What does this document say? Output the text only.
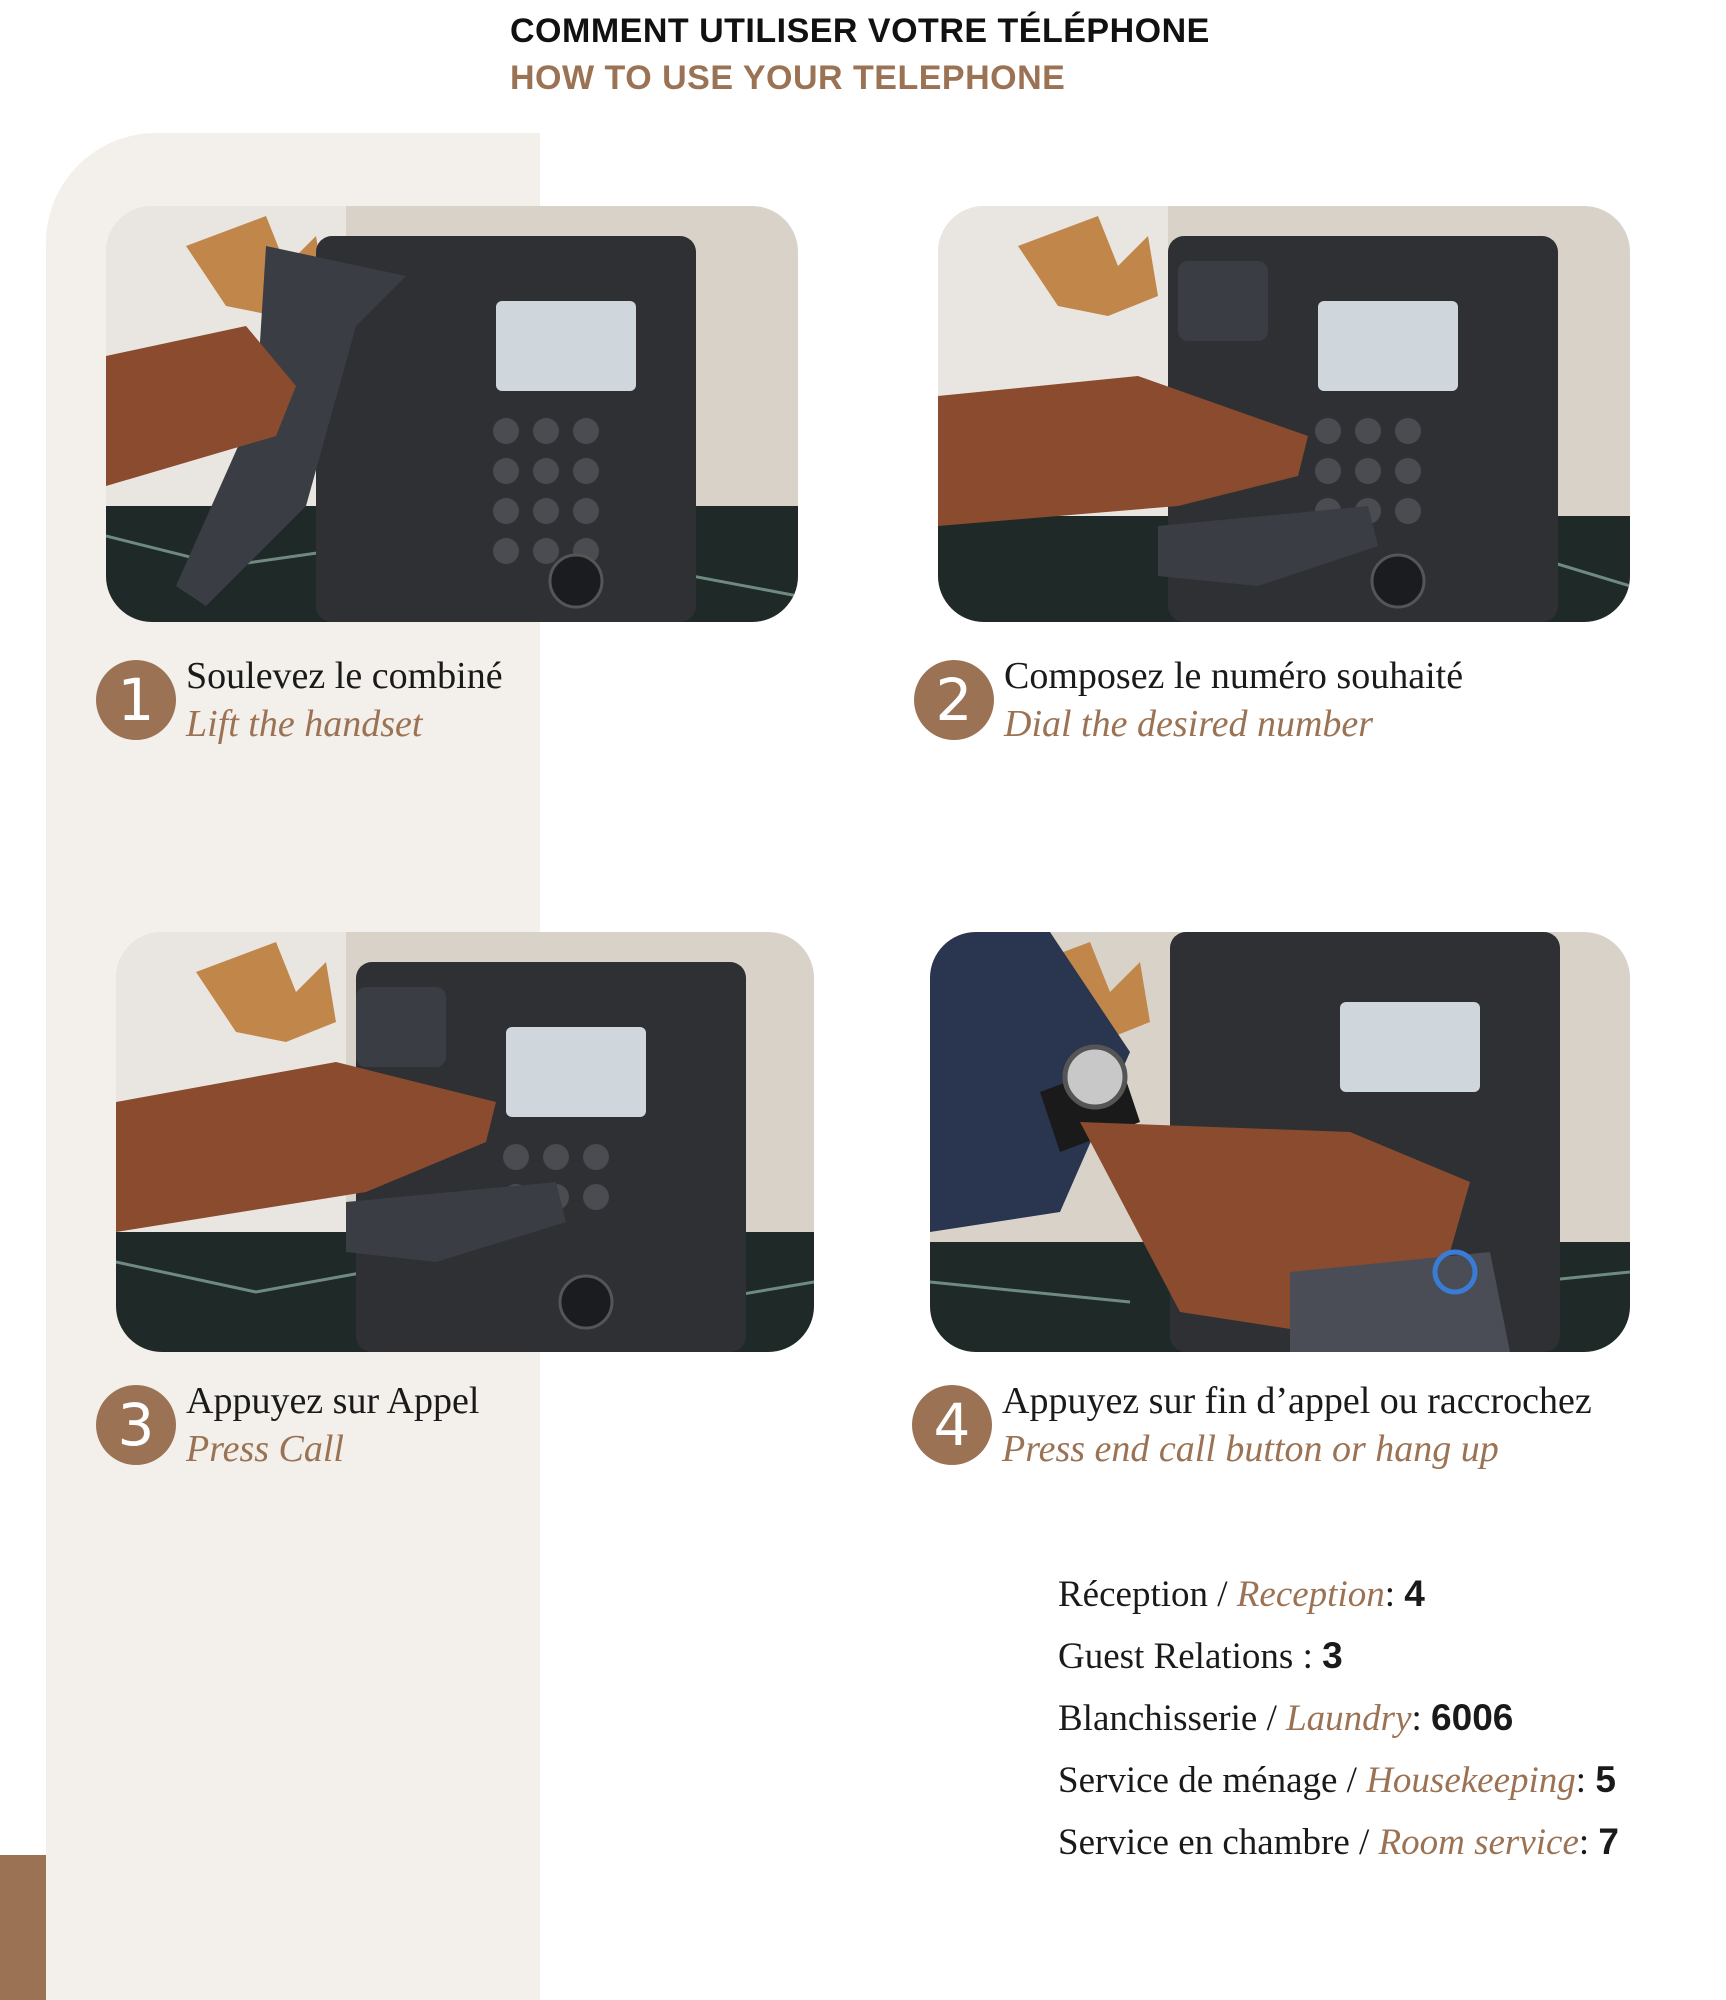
COMMENT UTILISER VOTRE TÉLÉPHONE
HOW TO USE YOUR TELEPHONE
1 Soulevez le combiné
Lift the handset	2 Composez le numéro souhaité
Dial the desired number
3 Appuyez sur Appel
Press Call	4 Appuyez sur fin d’appel ou raccrochez
Press end call button or hang up
Réception / Reception: 4
Guest Relations : 3
Blanchisserie / Laundry: 6006
Service de ménage / Housekeeping: 5
Service en chambre / Room service: 7
